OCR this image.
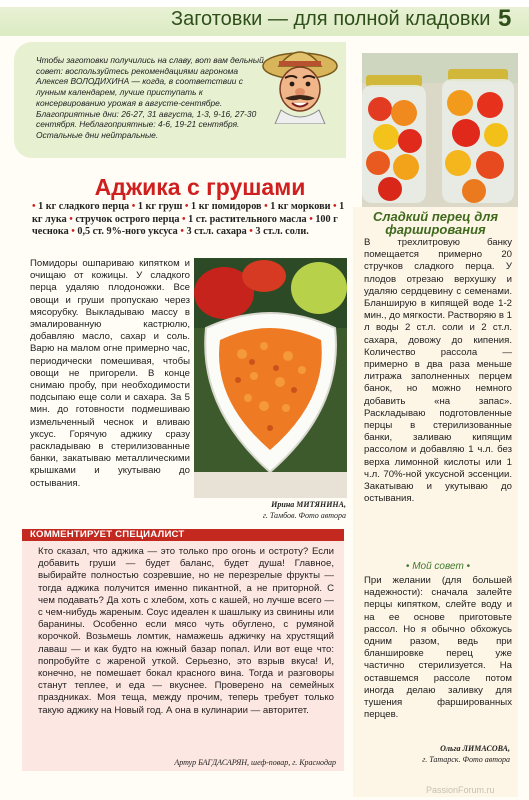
Заготовки — для полной кладовки 5
Чтобы заготовки получились на славу, вот вам дельный совет: воспользуйтесь рекомендациями агронома Алексея ВОЛОДИХИНА — когда, в соответствии с лунным календарем, лучше приступать к консервированию урожая в августе-сентябре. Благоприятные дни: 26-27, 31 августа, 1-3, 9-16, 27-30 сентября. Неблагоприятные: 4-6, 19-21 сентября. Остальные дни нейтральные.
Аджика с грушами
• 1 кг сладкого перца • 1 кг груш • 1 кг помидоров • 1 кг моркови • 1 кг лука • стручок острого перца • 1 ст. растительного масла • 100 г чеснока • 0,5 ст. 9%-ного уксуса • 3 ст.л. сахара • 3 ст.л. соли.
Помидоры ошпариваю кипятком и очищаю от кожицы. У сладкого перца удаляю плодоножки. Все овощи и груши пропускаю через мясорубку. Выкладываю массу в эмалированную кастрюлю, добавляю масло, сахар и соль. Варю на малом огне примерно час, периодически помешивая, чтобы овощи не пригорели. В конце снимаю пробу, при необходимости подсыпаю еще соли и сахара. За 5 мин. до готовности подмешиваю измельченный чеснок и вливаю уксус. Горячую аджику сразу раскладываю в стерилизованные банки, закатываю металлическими крышками и укутываю до остывания.
Ирина МИТЯНИНА,
г. Тамбов. Фото автора
КОММЕНТИРУЕТ СПЕЦИАЛИСТ
Кто сказал, что аджика — это только про огонь и остроту? Если добавить груши — будет баланс, будет душа! Главное, выбирайте полностью созревшие, но не перезрелые фрукты — тогда аджика получится именно пикантной, а не приторной. С чем подавать? Да хоть с хлебом, хоть с кашей, но лучше всего — с чем-нибудь жареным. Соус идеален к шашлыку из свинины или баранины. Особенно если мясо чуть обуглено, с румяной корочкой. Возьмешь ломтик, намажешь аджичку на хрустящий лаваш — и как будто на южный базар попал. Или вот еще что: попробуйте с жареной уткой. Серьезно, это взрыв вкуса! И, конечно, не помешает бокал красного вина. Тогда и разговоры станут теплее, и еда — вкуснее. Проверено на семейных праздниках. Моя теща, между прочим, теперь требует только такую аджику на Новый год. А она в кулинарии — авторитет.
Артур БАГДАСАРЯН, шеф-повар, г. Краснодар
Сладкий перец для фарширования
В трехлитровую банку помещается примерно 20 стручков сладкого перца. У плодов отрезаю верхушку и удаляю сердцевину с семенами. Бланширую в кипящей воде 1-2 мин., до мягкости. Растворяю в 1 л воды 2 ст.л. соли и 2 ст.л. сахара, довожу до кипения. Количество рассола — примерно в два раза меньше литража заполненных перцем банок, но можно немного добавить «на запас». Раскладываю подготовленные перцы в стерилизованные банки, заливаю кипящим рассолом и добавляю 1 ч.л. без верха лимонной кислоты или 1 ч.л. 70%-ной уксусной эссенции. Закатываю и укутываю до остывания.
• Мой совет •
При желании (для большей надежности): сначала залейте перцы кипятком, слейте воду и на ее основе приготовьте рассол. Но я обычно обхожусь одним разом, ведь при бланшировке перец уже частично стерилизуется. На оставшемся рассоле потом иногда делаю заливку для тушения фаршированных перцев.
Ольга ЛИМАСОВА,
г. Татарск. Фото автора
PassionForum.ru
